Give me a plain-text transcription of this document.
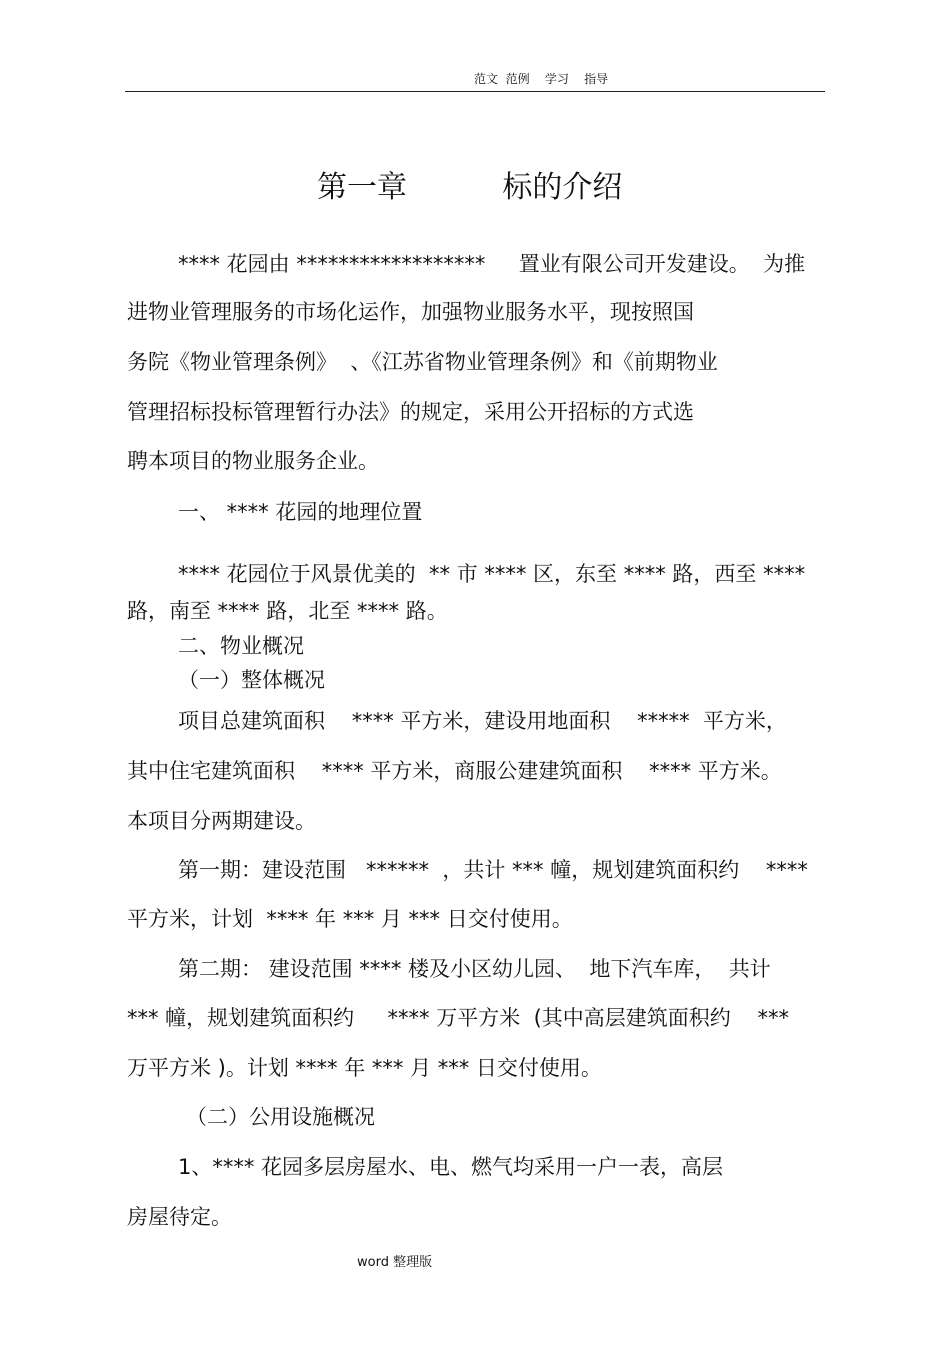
范文  范例    学习    指导
第一章          标的介绍
**** 花园由 ******************     置业有限公司开发建设。  为推
进物业管理服务的市场化运作，加强物业服务水平，现按照国
务院《物业管理条例》  、《江苏省物业管理条例》和《前期物业
管理招标投标管理暂行办法》的规定，采用公开招标的方式选
聘本项目的物业服务企业。
一、 **** 花园的地理位置
**** 花园位于风景优美的  ** 市 **** 区，东至 **** 路，西至 ****
路，南至 **** 路，北至 **** 路。
二、物业概况
（一）整体概况
项目总建筑面积    **** 平方米，建设用地面积    *****  平方米，
其中住宅建筑面积    **** 平方米，商服公建建筑面积    **** 平方米。
本项目分两期建设。
第一期：建设范围   ******  ，共计 *** 幢，规划建筑面积约    ****
平方米，计划  **** 年 *** 月 *** 日交付使用。
第二期： 建设范围 **** 楼及小区幼儿园、  地下汽车库，  共计
*** 幢，规划建筑面积约     **** 万平方米  (其中高层建筑面积约    ***
万平方米 )。计划 **** 年 *** 月 *** 日交付使用。
（二）公用设施概况
1、**** 花园多层房屋水、电、燃气均采用一户一表，高层
房屋待定。
word 整理版
